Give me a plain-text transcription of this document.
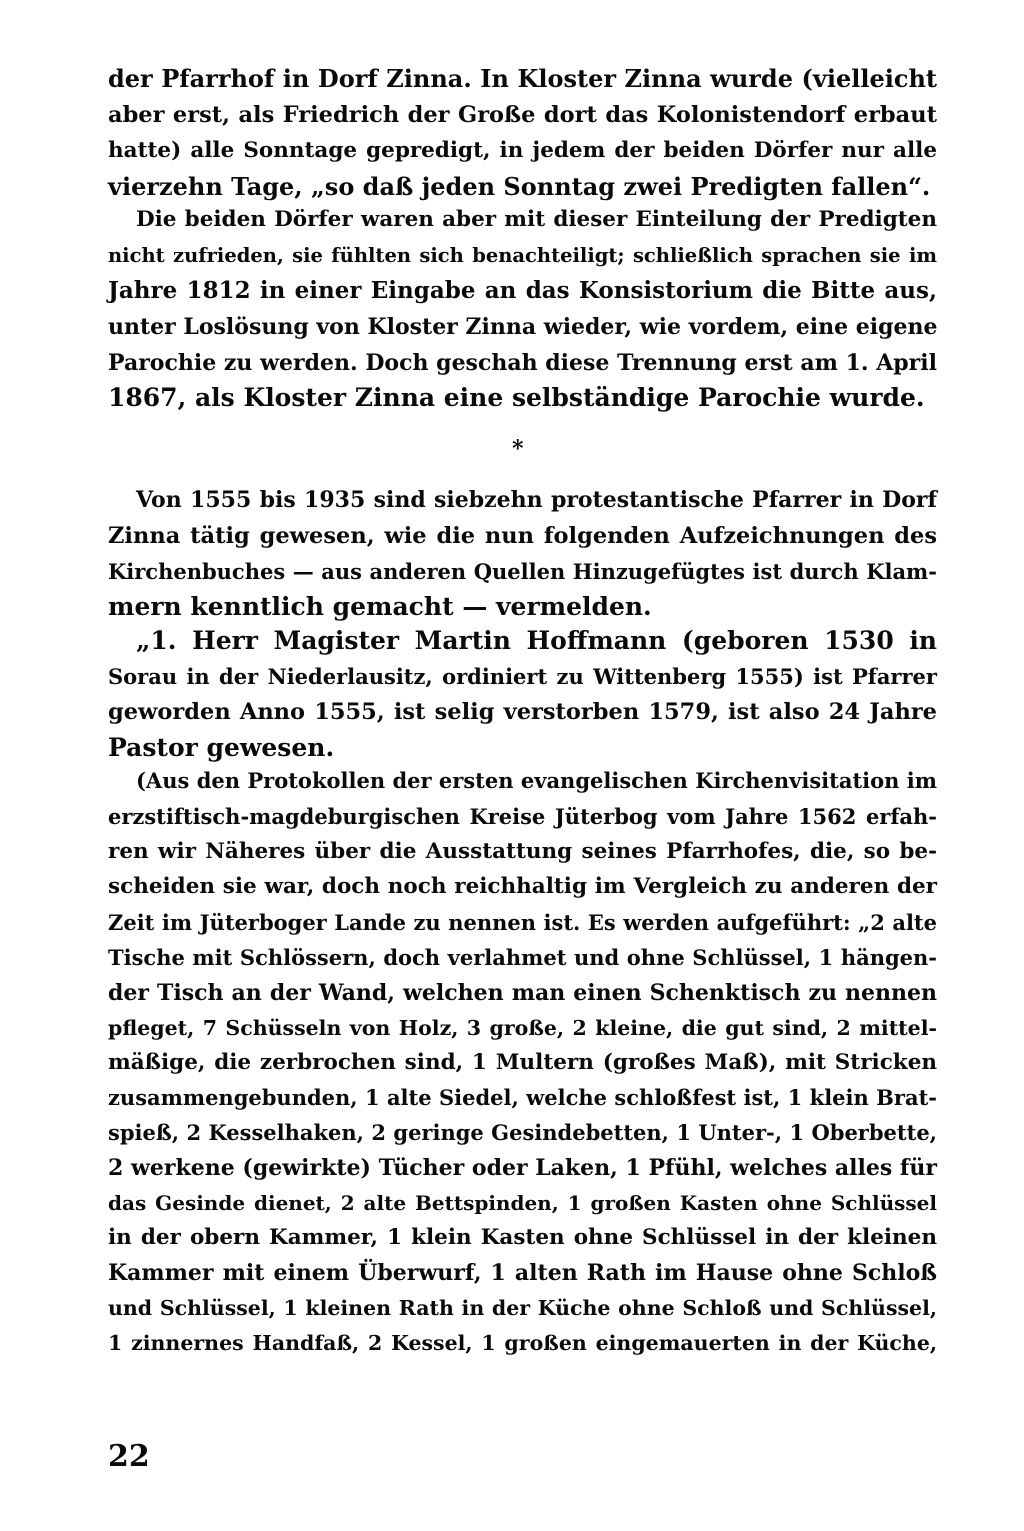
der Pfarrhof in Dorf Zinna. In Kloster Zinna wurde (vielleicht
aber erst, als Friedrich der Große dort das Kolonistendorf erbaut
hatte) alle Sonntage gepredigt, in jedem der beiden Dörfer nur alle
vierzehn Tage, „so daß jeden Sonntag zwei Predigten fallen“.
Die beiden Dörfer waren aber mit dieser Einteilung der Predigten
nicht zufrieden, sie fühlten sich benachteiligt; schließlich sprachen sie im
Jahre 1812 in einer Eingabe an das Konsistorium die Bitte aus,
unter Loslösung von Kloster Zinna wieder, wie vordem, eine eigene
Parochie zu werden. Doch geschah diese Trennung erst am 1. April
1867, als Kloster Zinna eine selbständige Parochie wurde.
*
Von 1555 bis 1935 sind siebzehn protestantische Pfarrer in Dorf
Zinna tätig gewesen, wie die nun folgenden Aufzeichnungen des
Kirchenbuches — aus anderen Quellen Hinzugefügtes ist durch Klam-
mern kenntlich gemacht — vermelden.
„1. Herr Magister Martin Hoffmann (geboren 1530 in
Sorau in der Niederlausitz, ordiniert zu Wittenberg 1555) ist Pfarrer
geworden Anno 1555, ist selig verstorben 1579, ist also 24 Jahre
Pastor gewesen.
(Aus den Protokollen der ersten evangelischen Kirchenvisitation im
erzstiftisch-magdeburgischen Kreise Jüterbog vom Jahre 1562 erfah-
ren wir Näheres über die Ausstattung seines Pfarrhofes, die, so be-
scheiden sie war, doch noch reichhaltig im Vergleich zu anderen der
Zeit im Jüterboger Lande zu nennen ist. Es werden aufgeführt: „2 alte
Tische mit Schlössern, doch verlahmet und ohne Schlüssel, 1 hängen-
der Tisch an der Wand, welchen man einen Schenktisch zu nennen
pfleget, 7 Schüsseln von Holz, 3 große, 2 kleine, die gut sind, 2 mittel-
mäßige, die zerbrochen sind, 1 Multern (großes Maß), mit Stricken
zusammengebunden, 1 alte Siedel, welche schloßfest ist, 1 klein Brat-
spieß, 2 Kesselhaken, 2 geringe Gesindebetten, 1 Unter-, 1 Oberbette,
2 werkene (gewirkte) Tücher oder Laken, 1 Pfühl, welches alles für
das Gesinde dienet, 2 alte Bettspinden, 1 großen Kasten ohne Schlüssel
in der obern Kammer, 1 klein Kasten ohne Schlüssel in der kleinen
Kammer mit einem Überwurf, 1 alten Rath im Hause ohne Schloß
und Schlüssel, 1 kleinen Rath in der Küche ohne Schloß und Schlüssel,
1 zinnernes Handfaß, 2 Kessel, 1 großen eingemauerten in der Küche,
22
